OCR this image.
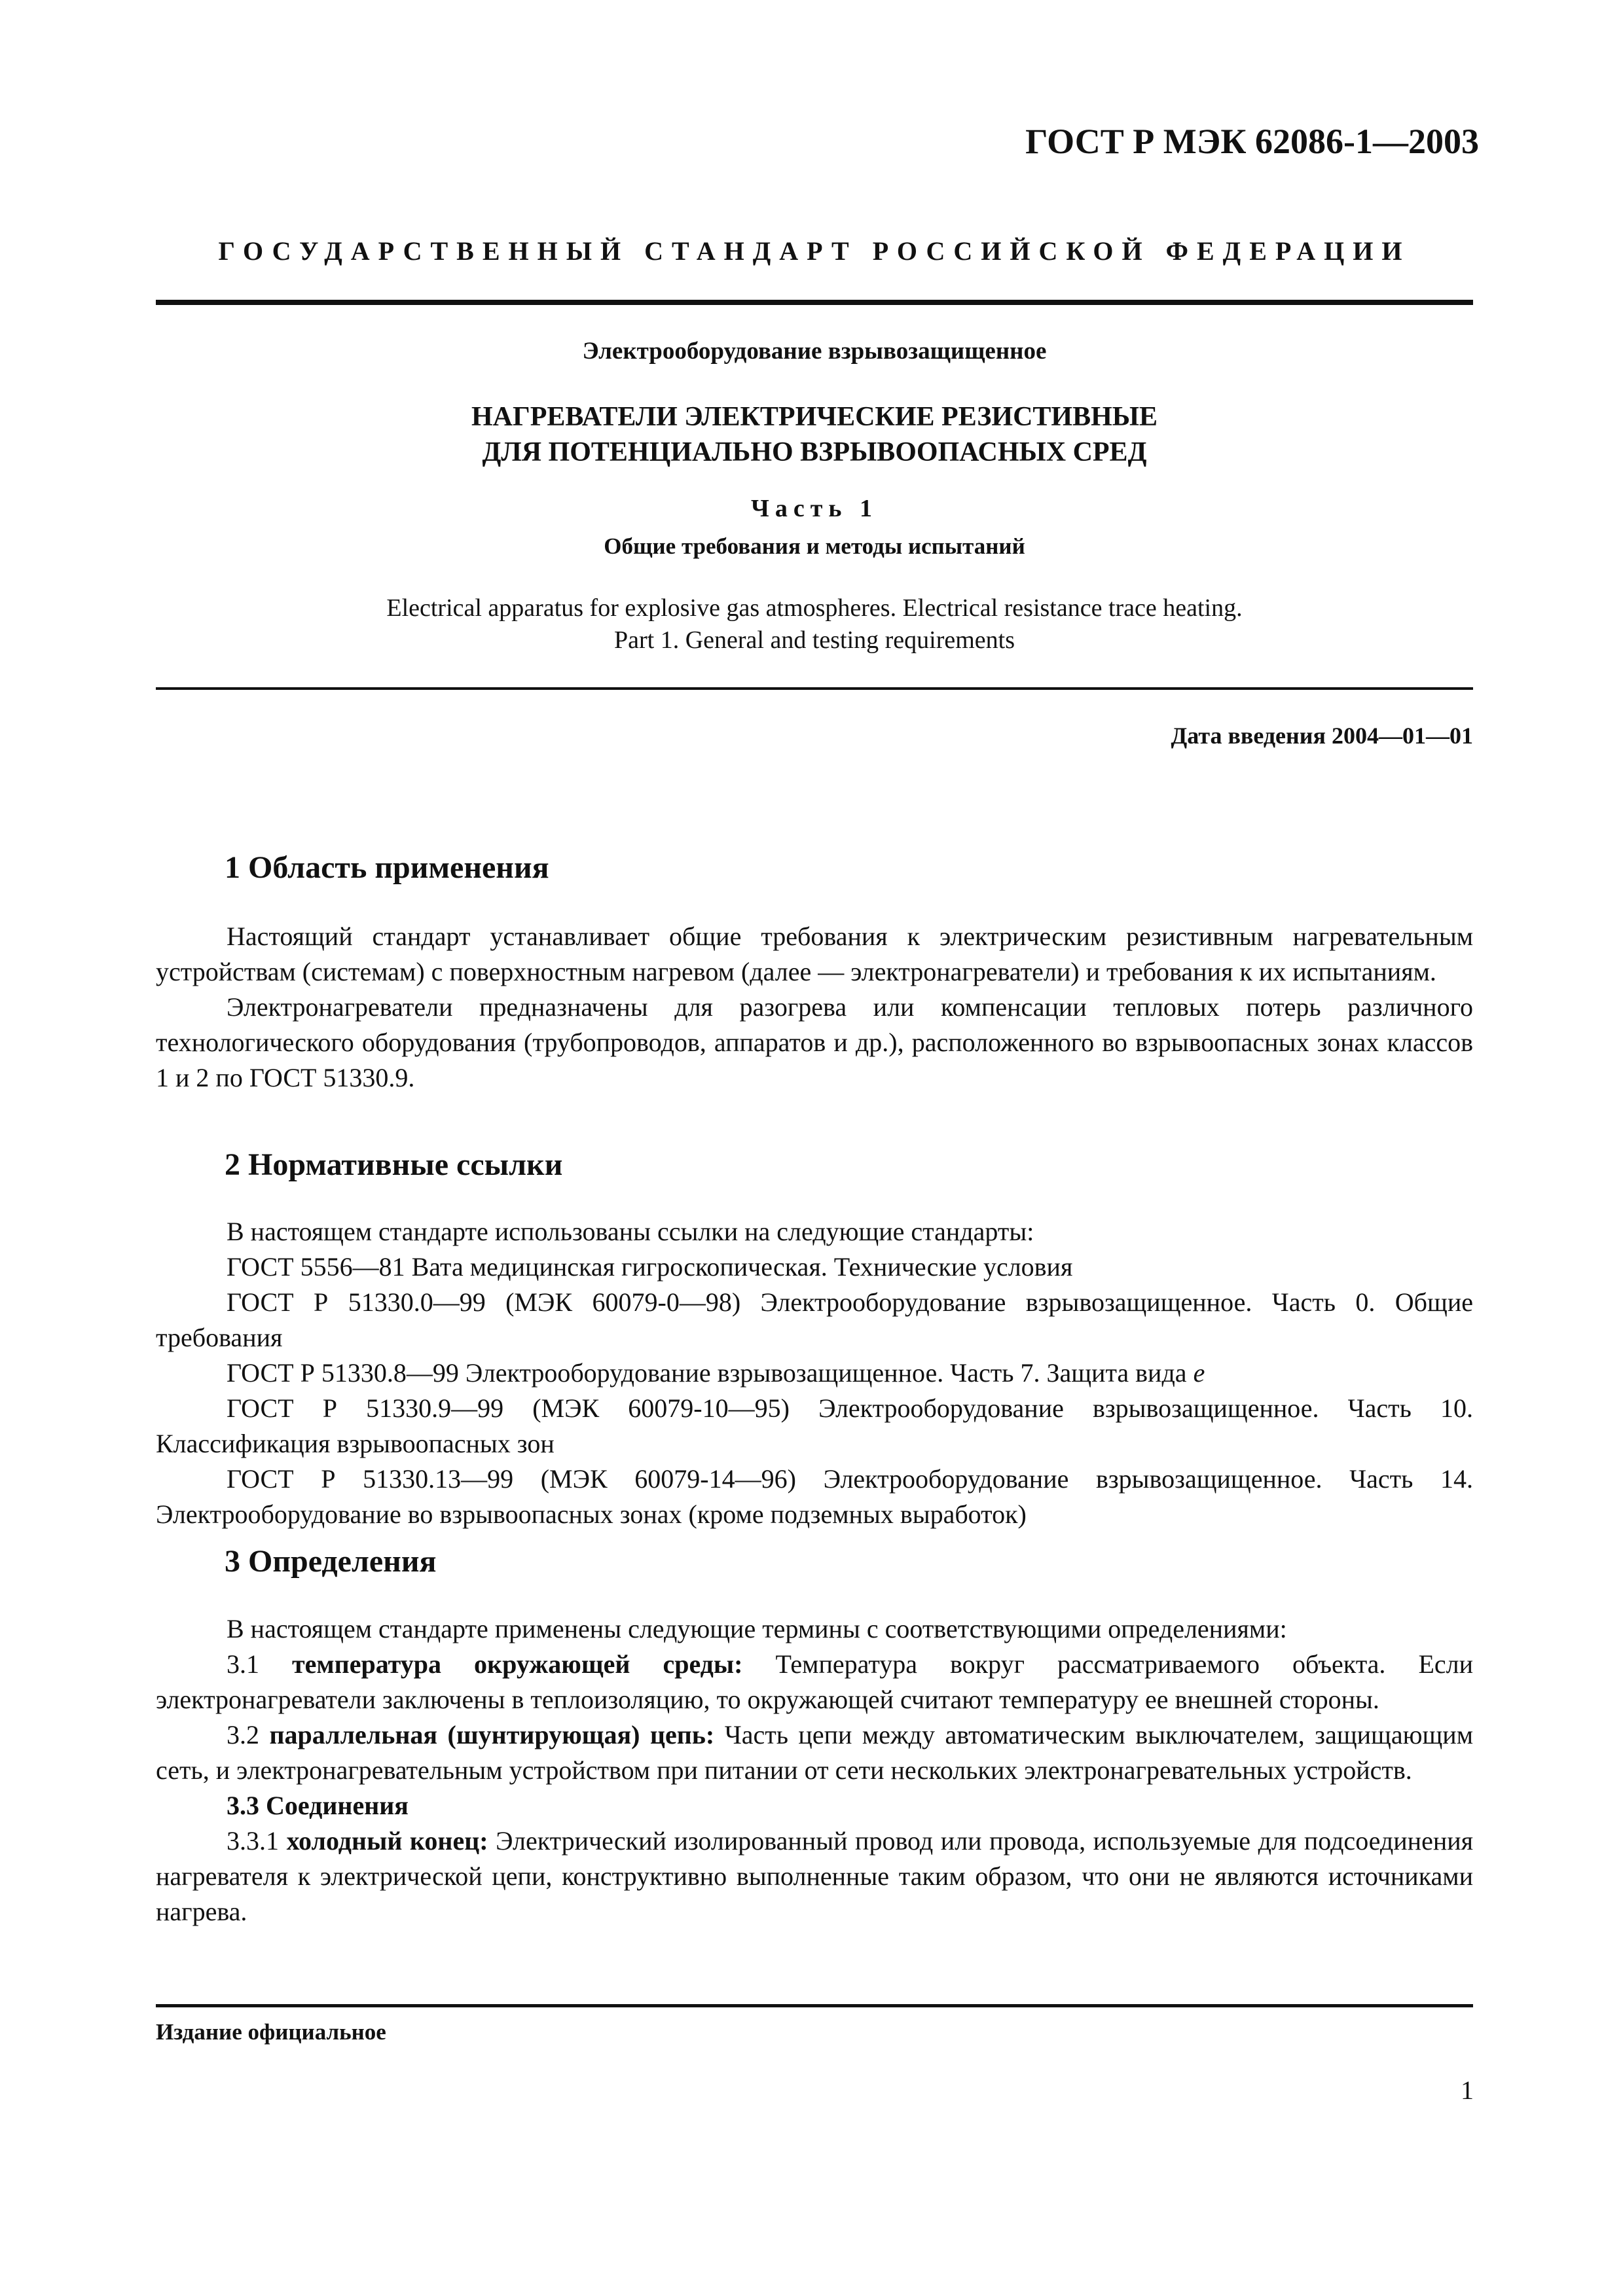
ГОСТ Р МЭК 62086-1—2003
ГОСУДАРСТВЕННЫЙ СТАНДАРТ РОССИЙСКОЙ ФЕДЕРАЦИИ
Электрооборудование взрывозащищенное
НАГРЕВАТЕЛИ ЭЛЕКТРИЧЕСКИЕ РЕЗИСТИВНЫЕ
ДЛЯ ПОТЕНЦИАЛЬНО ВЗРЫВООПАСНЫХ СРЕД
Часть 1
Общие требования и методы испытаний
Electrical apparatus for explosive gas atmospheres. Electrical resistance trace heating.
Part 1. General and testing requirements
Дата введения 2004—01—01
1 Область применения

Настоящий стандарт устанавливает общие требования к электрическим резистивным нагревательным устройствам (системам) с поверхностным нагревом (далее — электронагреватели) и требования к их испытаниям.

Электронагреватели предназначены для разогрева или компенсации тепловых потерь различного технологического оборудования (трубопроводов, аппаратов и др.), расположенного во взрывоопасных зонах классов 1 и 2 по ГОСТ 51330.9.

2 Нормативные ссылки

В настоящем стандарте использованы ссылки на следующие стандарты:

ГОСТ 5556—81 Вата медицинская гигроскопическая. Технические условия

ГОСТ Р 51330.0—99 (МЭК 60079-0—98) Электрооборудование взрывозащищенное. Часть 0. Общие требования

ГОСТ Р 51330.8—99 Электрооборудование взрывозащищенное. Часть 7. Защита вида е

ГОСТ Р 51330.9—99 (МЭК 60079-10—95) Электрооборудование взрывозащищенное. Часть 10. Классификация взрывоопасных зон

ГОСТ Р 51330.13—99 (МЭК 60079-14—96) Электрооборудование взрывозащищенное. Часть 14. Электрооборудование во взрывоопасных зонах (кроме подземных выработок)

3 Определения

В настоящем стандарте применены следующие термины с соответствующими определениями:

3.1 температура окружающей среды: Температура вокруг рассматриваемого объекта. Если электронагреватели заключены в теплоизоляцию, то окружающей считают температуру ее внешней стороны.

3.2 параллельная (шунтирующая) цепь: Часть цепи между автоматическим выключателем, защищающим сеть, и электронагревательным устройством при питании от сети нескольких электронагревательных устройств.

3.3 Соединения

3.3.1 холодный конец: Электрический изолированный провод или провода, используемые для подсоединения нагревателя к электрической цепи, конструктивно выполненные таким образом, что они не являются источниками нагрева.

Издание официальное
1
